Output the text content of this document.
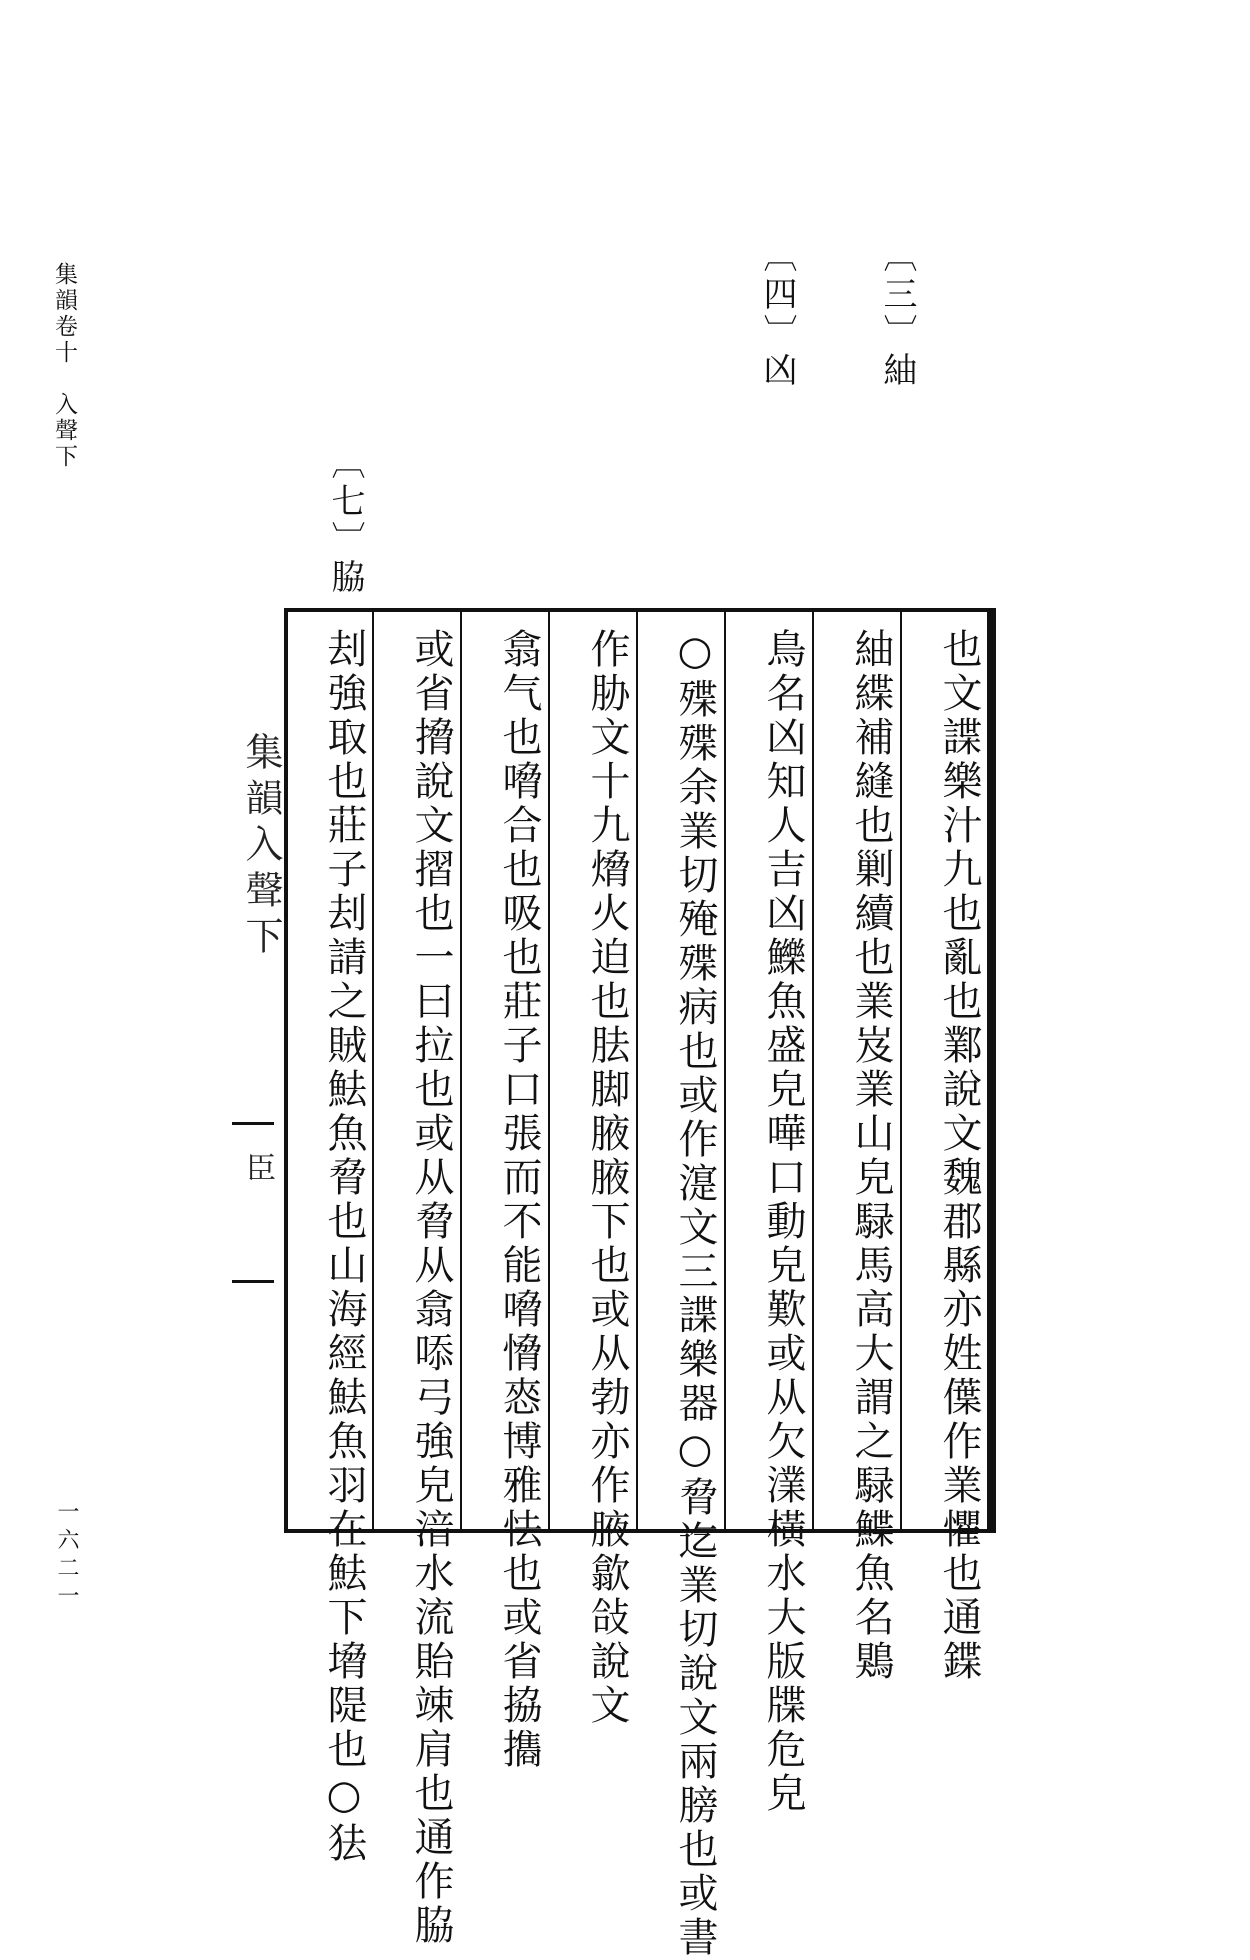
集韻卷十　入聲下
一六二一
〔三〕紬
〔四〕凶
〔七〕脇
集韻入聲下
臣	也文諜樂汁九也亂也鄴說文魏郡縣亦姓僷作業懼也通鍱
紬緤補縫也剿續也業岌業山皃騄馬高大謂之騄鰈魚名鶪
鳥名凶知人吉凶鱳魚盛皃嘩口動皃歎或从欠澲橫水大版牒危皃
○殜殜余業切殗殜病也或作㵓文三諜樂器○脅迄業切說文兩膀也或書
作胁文十九熁火迫也胠脚腋腋下也或从勃亦作腋歙敆說文
翕气也嗋合也吸也莊子口張而不能嗋愶㤲博雅怯也或省拹㩦
或省搚說文摺也一曰拉也或从脅从翕㖭弓強皃湆水流貽竦肩也通作脇
刦強取也莊子刦請之賊魼魚脅也山海經魼魚羽在魼下㙝隄也○㹤
